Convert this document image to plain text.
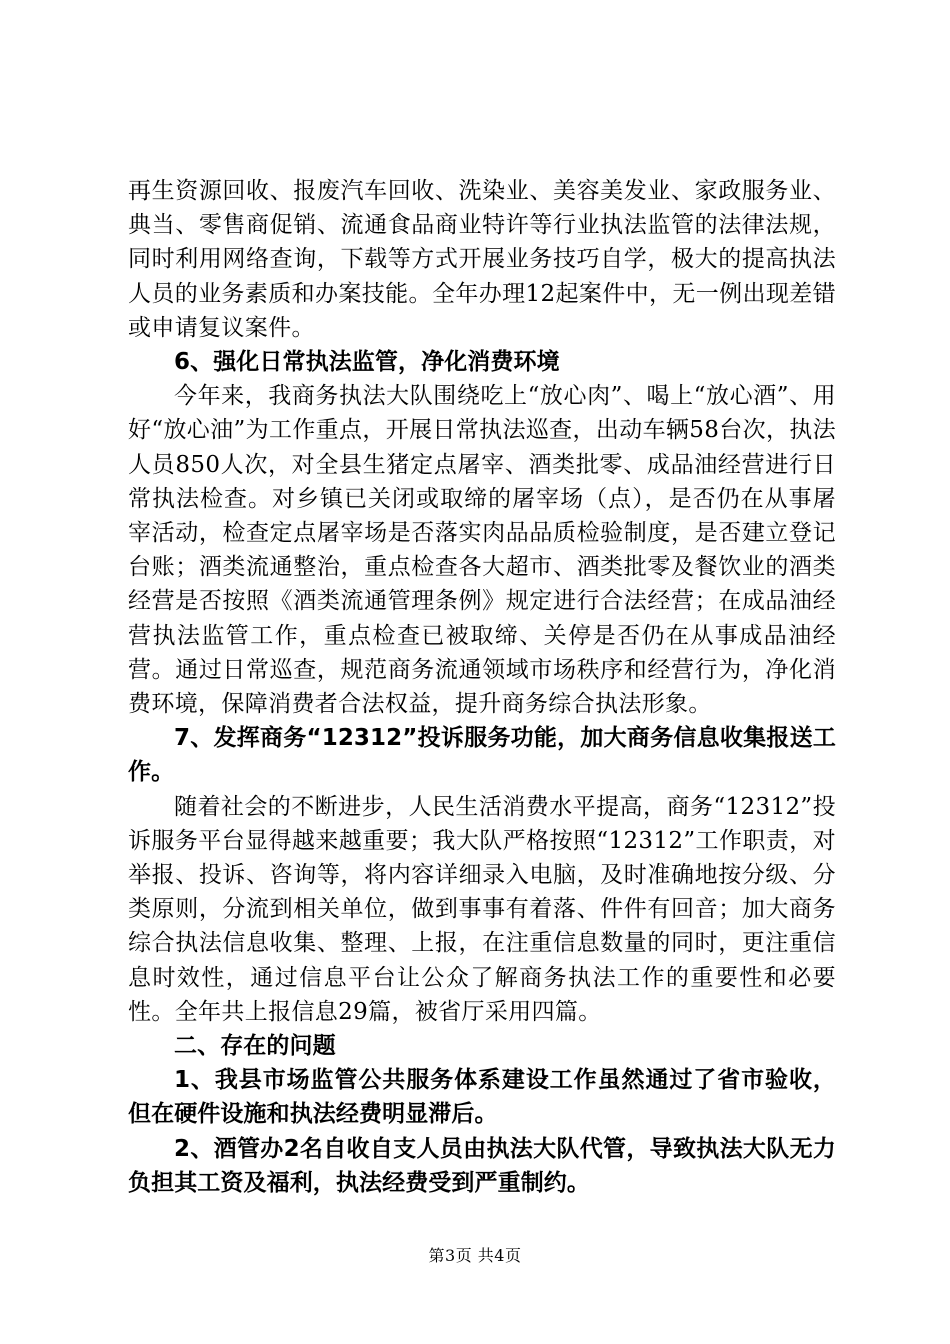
再生资源回收、报废汽车回收、洗染业、美容美发业、家政服务业、典当、零售商促销、流通食品商业特许等行业执法监管的法律法规，同时利用网络查询，下载等方式开展业务技巧自学，极大的提高执法人员的业务素质和办案技能。全年办理12起案件中，无一例出现差错或申请复议案件。

6、强化日常执法监管，净化消费环境

今年来，我商务执法大队围绕吃上“放心肉”、喝上“放心酒”、用好“放心油”为工作重点，开展日常执法巡查，出动车辆58台次，执法人员850人次，对全县生猪定点屠宰、酒类批零、成品油经营进行日常执法检查。对乡镇已关闭或取缔的屠宰场（点），是否仍在从事屠宰活动，检查定点屠宰场是否落实肉品品质检验制度，是否建立登记台账；酒类流通整治，重点检查各大超市、酒类批零及餐饮业的酒类经营是否按照《酒类流通管理条例》规定进行合法经营；在成品油经营执法监管工作，重点检查已被取缔、关停是否仍在从事成品油经营。通过日常巡查，规范商务流通领域市场秩序和经营行为，净化消费环境，保障消费者合法权益，提升商务综合执法形象。

7、发挥商务“12312”投诉服务功能，加大商务信息收集报送工作。

随着社会的不断进步，人民生活消费水平提高，商务“12312”投诉服务平台显得越来越重要；我大队严格按照“12312”工作职责，对举报、投诉、咨询等，将内容详细录入电脑，及时准确地按分级、分类原则，分流到相关单位，做到事事有着落、件件有回音；加大商务综合执法信息收集、整理、上报，在注重信息数量的同时，更注重信息时效性，通过信息平台让公众了解商务执法工作的重要性和必要性。全年共上报信息29篇，被省厅采用四篇。

二、存在的问题

1、我县市场监管公共服务体系建设工作虽然通过了省市验收，但在硬件设施和执法经费明显滞后。

2、酒管办2名自收自支人员由执法大队代管，导致执法大队无力负担其工资及福利，执法经费受到严重制约。

第3页 共4页
